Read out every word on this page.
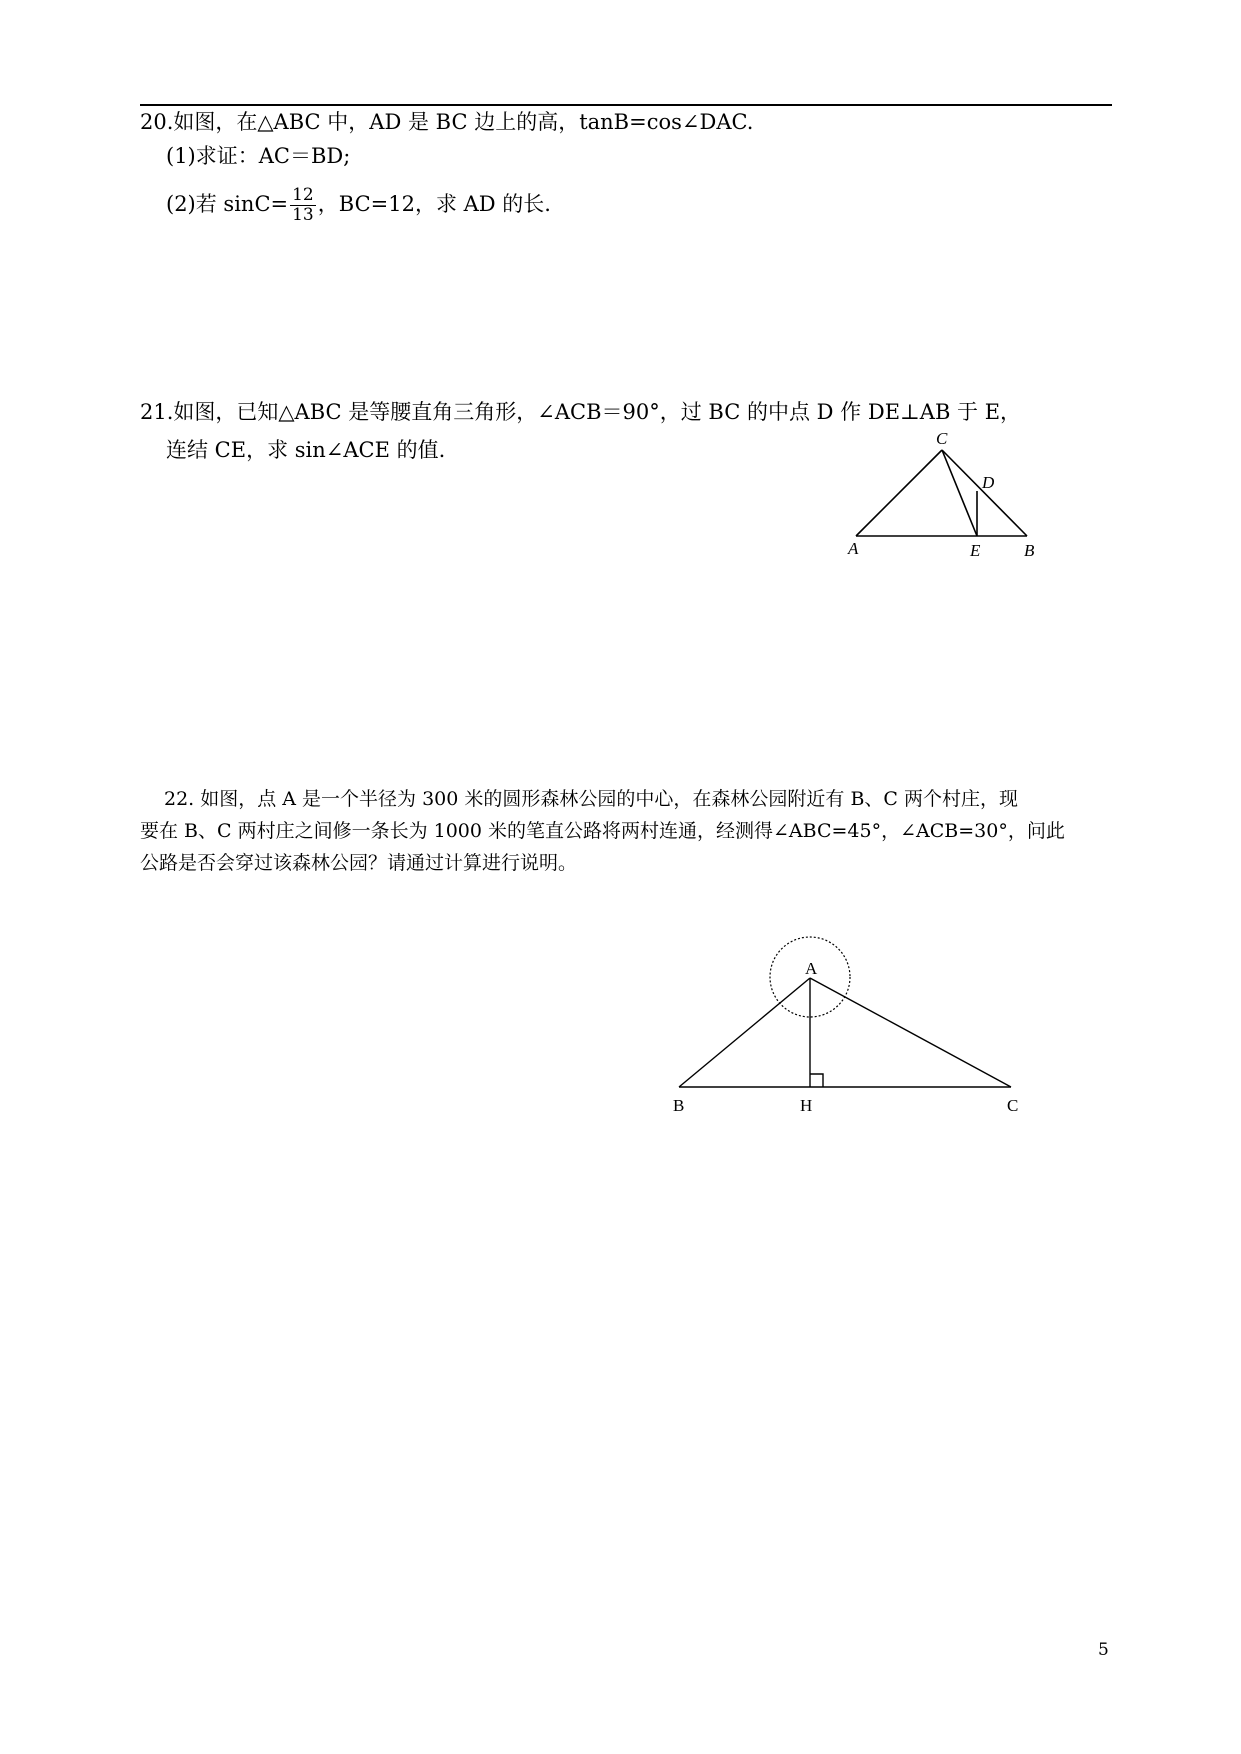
20.如图，在△ABC 中，AD 是 BC 边上的高，tanB=cos∠DAC.
(1)求证：AC＝BD;
(2)若 $\sin C= \frac{12}{13}$ ，BC=12，求 AD 的长.
21.如图，已知△ABC 是等腰直角三角形，∠ACB＝90°，过 BC 的中点 D 作 DE⊥AB 于 E，
连结 CE，求 sin∠ACE 的值.	C
D
A	E	B
22. 如图，点 A 是一个半径为 300 米的圆形森林公园的中心，在森林公园附近有 B、C 两个村庄，现
要在 B、C 两村庄之间修一条长为 1000 米的笔直公路将两村连通，经测得∠ABC=45°，∠ACB=30°，问此
公路是否会穿过该森林公园？请通过计算进行说明。
A
B	H	C
5
